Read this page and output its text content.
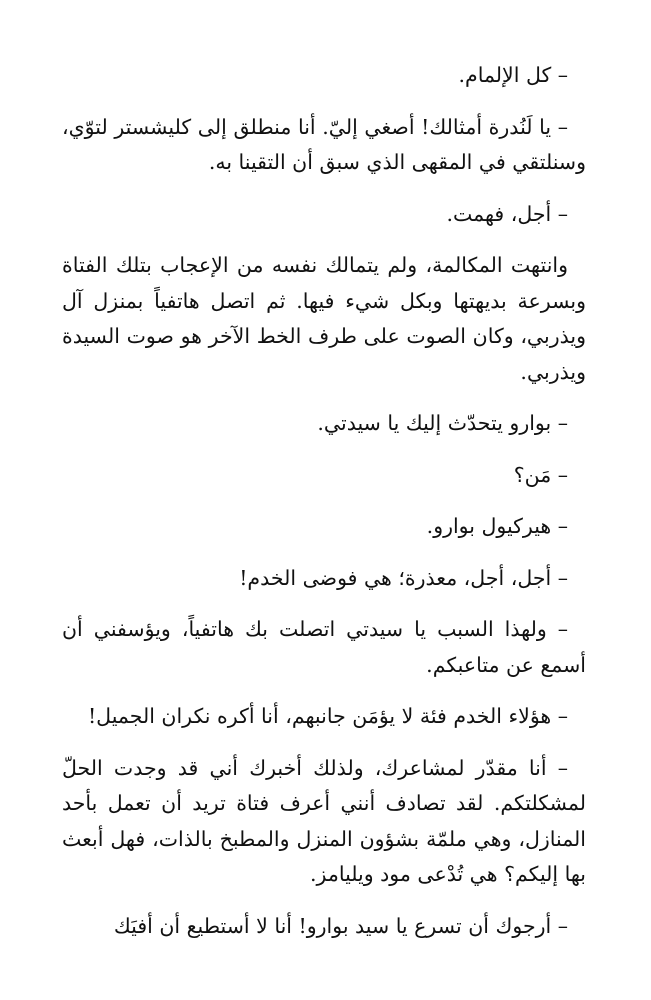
– كل الإلمام.

– يا لَنُدرة أمثالك! أصغي إليّ. أنا منطلق إلى كليشستر لتوّي، وسنلتقي في المقهى الذي سبق أن التقينا به.

– أجل، فهمت.

وانتهت المكالمة، ولم يتمالك نفسه من الإعجاب بتلك الفتاة وبسرعة بديهتها وبكل شيء فيها. ثم اتصل هاتفياً بمنزل آل ويذربي، وكان الصوت على طرف الخط الآخر هو صوت السيدة ويذربي.

– بوارو يتحدّث إليك يا سيدتي.

– مَن؟

– هيركيول بوارو.

– أجل، أجل، معذرة؛ هي فوضى الخدم!

– ولهذا السبب يا سيدتي اتصلت بك هاتفياً، ويؤسفني أن أسمع عن متاعبكم.

– هؤلاء الخدم فئة لا يؤمَن جانبهم، أنا أكره نكران الجميل!

– أنا مقدّر لمشاعرك، ولذلك أخبرك أني قد وجدت الحلّ لمشكلتكم. لقد تصادف أنني أعرف فتاة تريد أن تعمل بأحد المنازل، وهي ملمّة بشؤون المنزل والمطبخ بالذات، فهل أبعث بها إليكم؟ هي تُدْعى مود ويليامز.

– أرجوك أن تسرع يا سيد بوارو! أنا لا أستطيع أن أفيَك
